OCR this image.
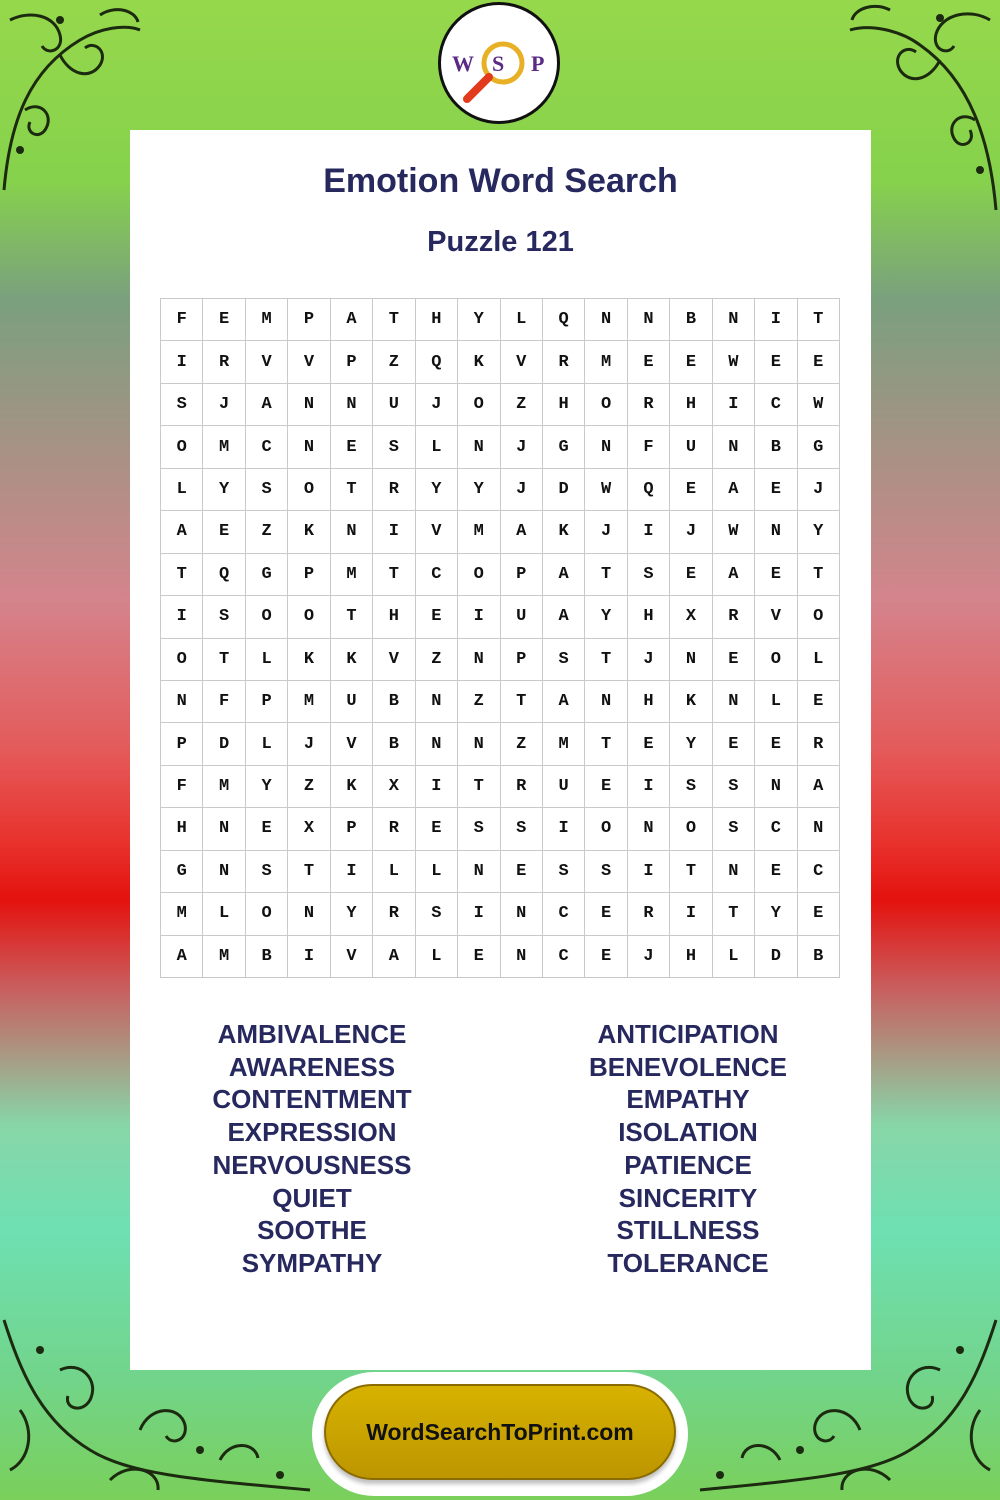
W S P
Emotion Word Search
Puzzle 121
F	E	M	P	A	T	H	Y	L	Q	N	N	B	N	I	T
I	R	V	V	P	Z	Q	K	V	R	M	E	E	W	E	E
S	J	A	N	N	U	J	O	Z	H	O	R	H	I	C	W
O	M	C	N	E	S	L	N	J	G	N	F	U	N	B	G
L	Y	S	O	T	R	Y	Y	J	D	W	Q	E	A	E	J
A	E	Z	K	N	I	V	M	A	K	J	I	J	W	N	Y
T	Q	G	P	M	T	C	O	P	A	T	S	E	A	E	T
I	S	O	O	T	H	E	I	U	A	Y	H	X	R	V	O
O	T	L	K	K	V	Z	N	P	S	T	J	N	E	O	L
N	F	P	M	U	B	N	Z	T	A	N	H	K	N	L	E
P	D	L	J	V	B	N	N	Z	M	T	E	Y	E	E	R
F	M	Y	Z	K	X	I	T	R	U	E	I	S	S	N	A
H	N	E	X	P	R	E	S	S	I	O	N	O	S	C	N
G	N	S	T	I	L	L	N	E	S	S	I	T	N	E	C
M	L	O	N	Y	R	S	I	N	C	E	R	I	T	Y	E
A	M	B	I	V	A	L	E	N	C	E	J	H	L	D	B
AMBIVALENCE
AWARENESS
CONTENTMENT
EXPRESSION
NERVOUSNESS
QUIET
SOOTHE
SYMPATHY
ANTICIPATION
BENEVOLENCE
EMPATHY
ISOLATION
PATIENCE
SINCERITY
STILLNESS
TOLERANCE
WordSearchToPrint.com
